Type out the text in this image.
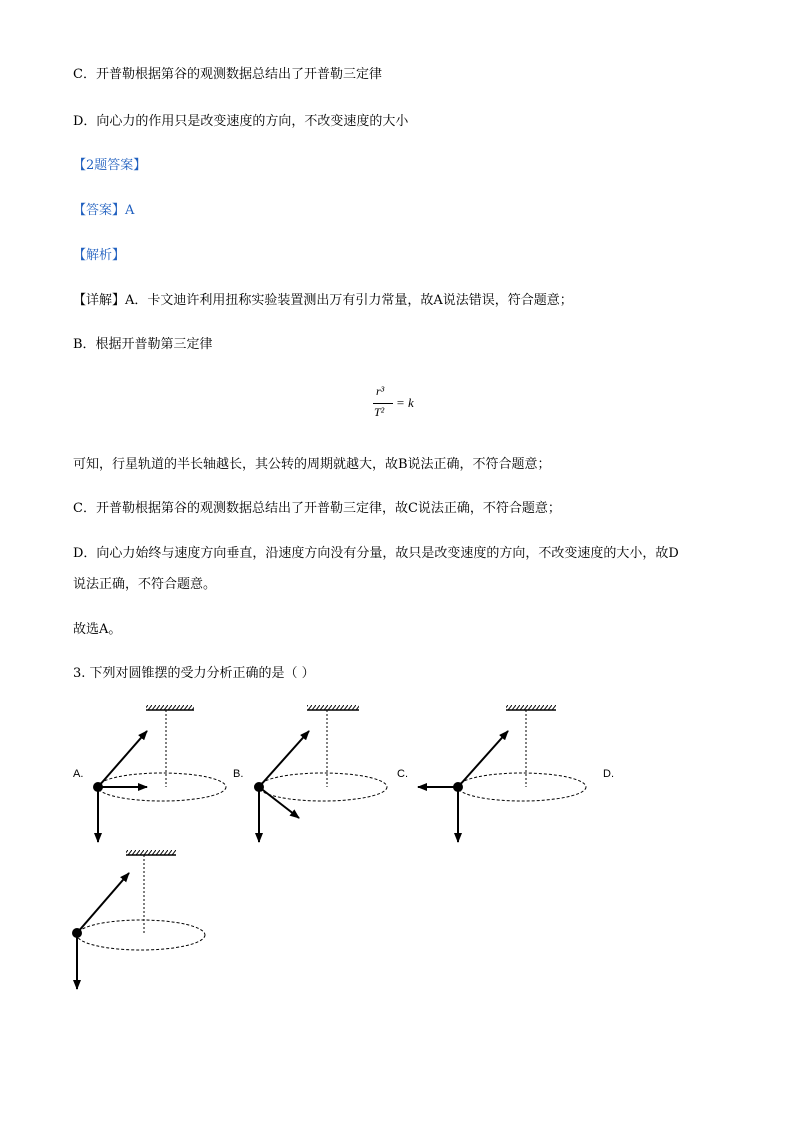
C．开普勒根据第谷的观测数据总结出了开普勒三定律
D．向心力的作用只是改变速度的方向，不改变速度的大小
【2题答案】
【答案】A
【解析】
【详解】A．卡文迪许利用扭称实验装置测出万有引力常量，故A说法错误，符合题意；
B．根据开普勒第三定律
r³
T²
= k
可知，行星轨道的半长轴越长，其公转的周期就越大，故B说法正确，不符合题意；
C．开普勒根据第谷的观测数据总结出了开普勒三定律，故C说法正确，不符合题意；
D．向心力始终与速度方向垂直，沿速度方向没有分量，故只是改变速度的方向，不改变速度的大小，故D
说法正确，不符合题意。
故选A。
3. 下列对圆锥摆的受力分析正确的是（ ）
A.	B.	C.	D.
